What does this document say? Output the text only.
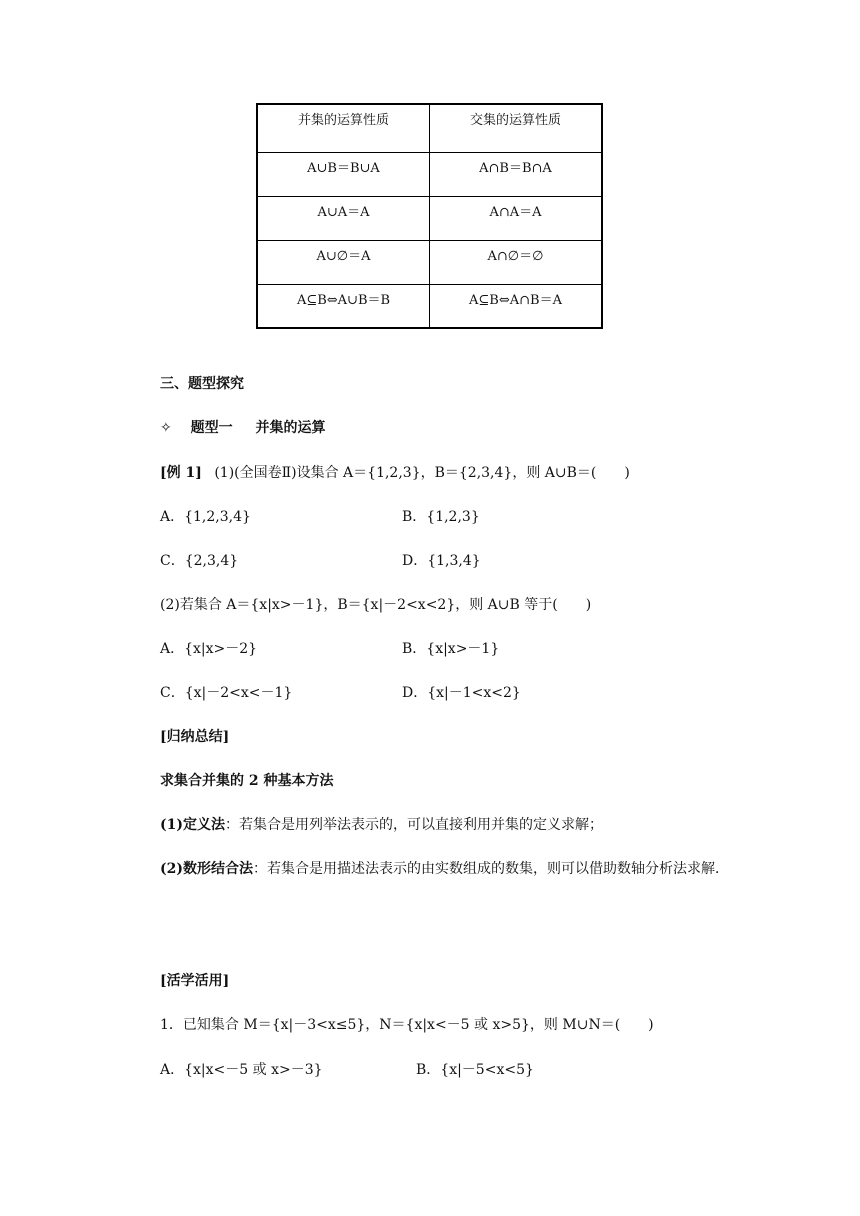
并集的运算性质	交集的运算性质
A∪B＝B∪A	A∩B＝B∩A
A∪A＝A	A∩A＝A
A∪∅＝A	A∩∅＝∅
A⊆B⇔A∪B＝B	A⊆B⇔A∩B＝A
三、题型探究
✧ 题型一 并集的运算
[例 1] (1)(全国卷Ⅱ)设集合 A＝{1,2,3}，B＝{2,3,4}，则 A∪B＝(　　)
A．{1,2,3,4}	B．{1,2,3}
C．{2,3,4}	D．{1,3,4}
(2)若集合 A＝{x|x>－1}，B＝{x|－2<x<2}，则 A∪B 等于(　　)
A．{x|x>－2}	B．{x|x>－1}
C．{x|－2<x<－1}	D．{x|－1<x<2}
[归纳总结]
求集合并集的 2 种基本方法
(1)定义法：若集合是用列举法表示的，可以直接利用并集的定义求解；
(2)数形结合法：若集合是用描述法表示的由实数组成的数集，则可以借助数轴分析法求解．
[活学活用]
1．已知集合 M＝{x|－3<x≤5}，N＝{x|x<－5 或 x>5}，则 M∪N＝(　　)
A．{x|x<－5 或 x>－3}	B．{x|－5<x<5}
